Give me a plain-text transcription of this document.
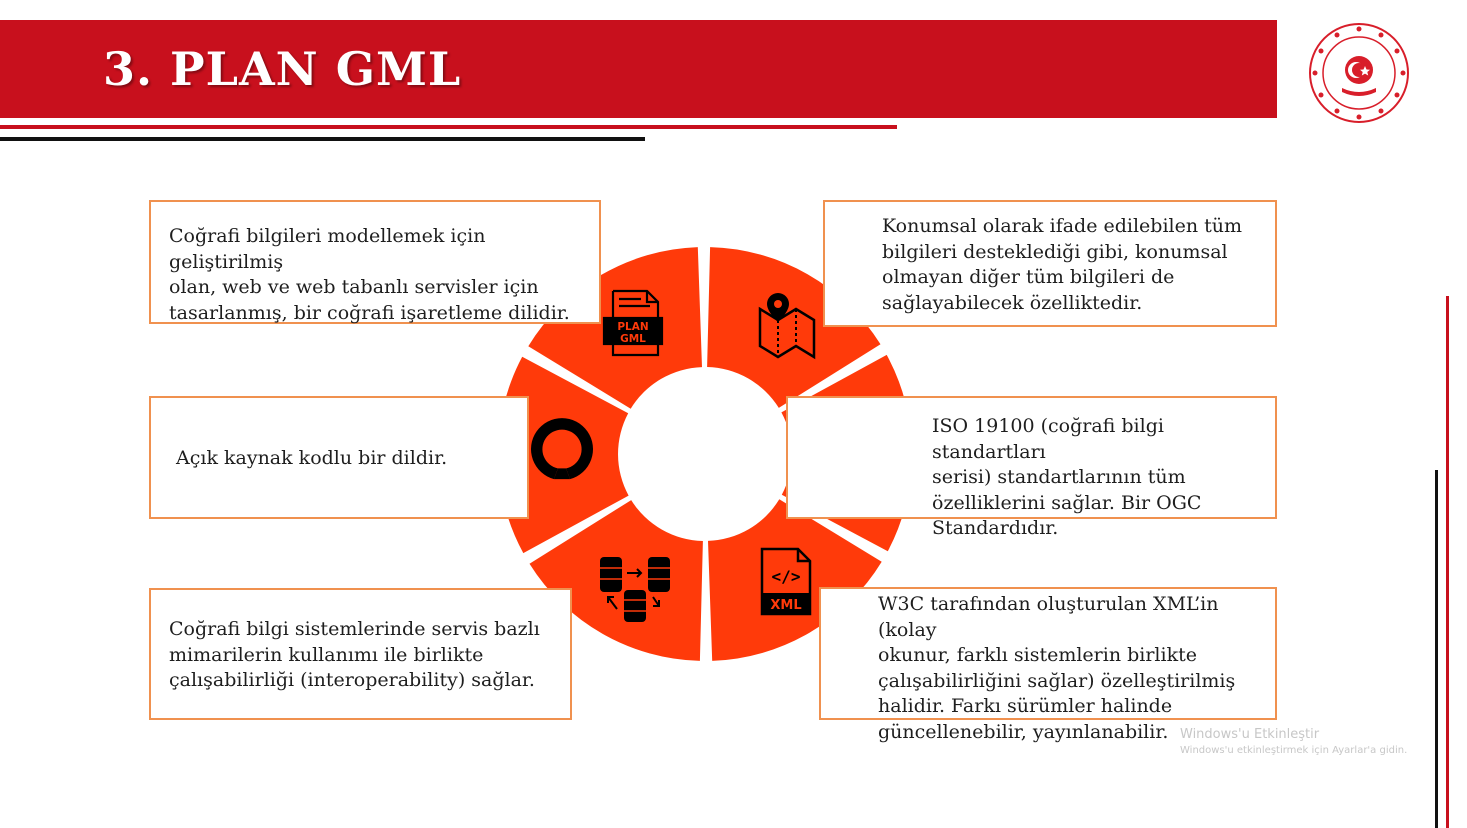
3. PLAN GML
PLAN
GML
</>
XML
Coğrafi bilgileri modellemek için geliştirilmiş
olan, web ve web tabanlı servisler için
tasarlanmış, bir coğrafi işaretleme dilidir.
Konumsal olarak ifade edilebilen tüm
bilgileri desteklediği gibi, konumsal
olmayan diğer tüm bilgileri de
sağlayabilecek özelliktedir.
Açık kaynak kodlu bir dildir.
ISO 19100 (coğrafi bilgi standartları
serisi) standartlarının tüm
özelliklerini sağlar. Bir OGC
Standardıdır.
Coğrafi bilgi sistemlerinde servis bazlı
mimarilerin kullanımı ile birlikte
çalışabilirliği (interoperability) sağlar.
W3C tarafından oluşturulan XML’in (kolay
okunur, farklı sistemlerin birlikte
çalışabilirliğini sağlar) özelleştirilmiş
halidir. Farkı sürümler halinde
güncellenebilir, yayınlanabilir. Windows'u Etkinleştir
Windows'u etkinleştirmek için Ayarlar'a gidin.
